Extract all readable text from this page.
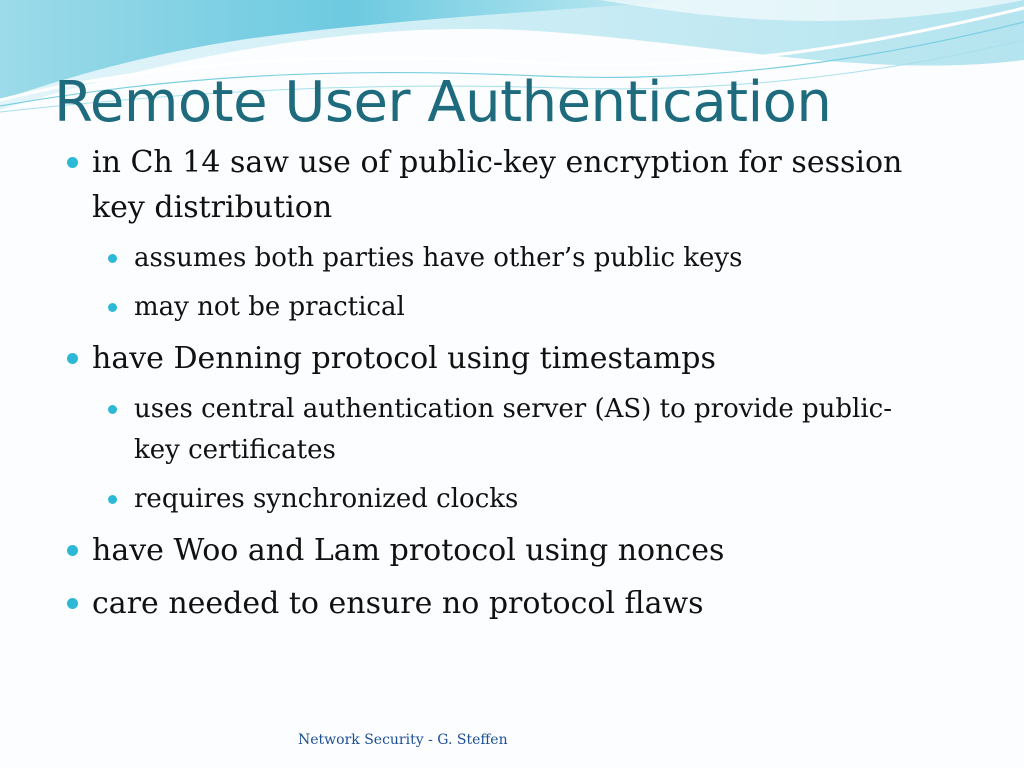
Remote User Authentication
in Ch 14 saw use of public-key encryption for session key distribution
assumes both parties have other’s public keys
may not be practical
have Denning protocol using timestamps
uses central authentication server (AS) to provide public-key certificates
requires synchronized clocks
have Woo and Lam protocol using nonces
care needed to ensure no protocol flaws
Network Security - G. Steffen
